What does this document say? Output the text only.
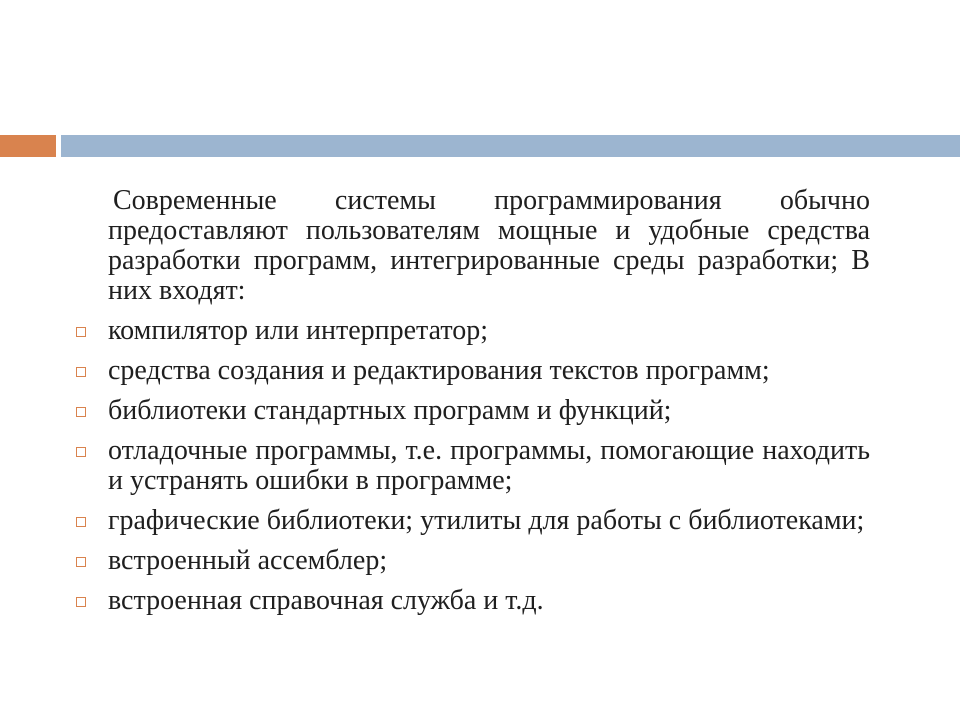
Современные системы программирования обычно предоставляют пользователям мощные и удобные средства разработки программ, интегрированные среды разработки; В них входят:

компилятор или интерпретатор;
средства создания и редактирования текстов программ;
библиотеки стандартных программ и функций;
отладочные программы, т.е. программы, помогающие находить и устранять ошибки в программе;
графические библиотеки; утилиты для работы с библиотеками;
встроенный ассемблер;
встроенная справочная служба и т.д.
